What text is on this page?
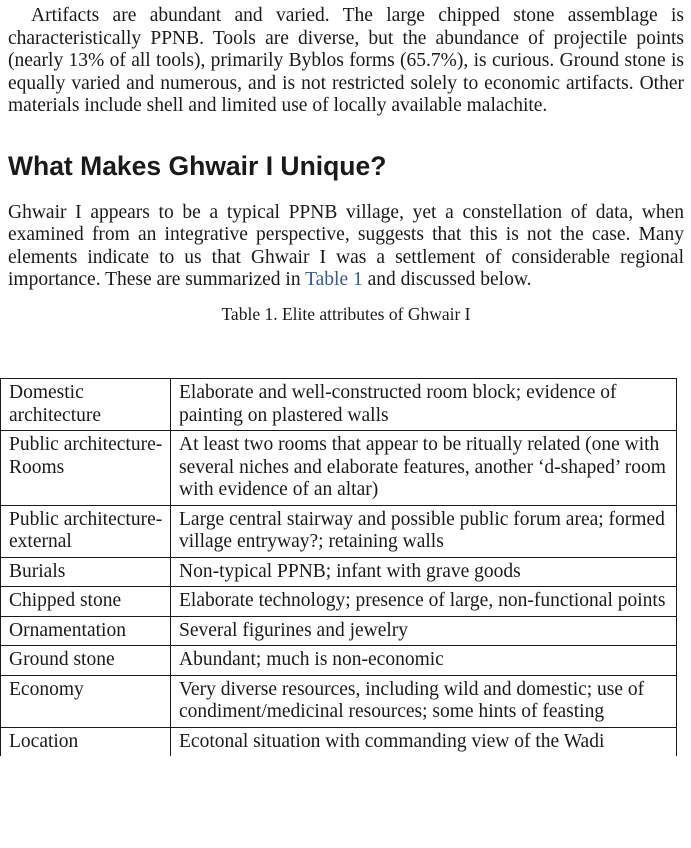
Artifacts are abundant and varied. The large chipped stone assemblage is characteristically PPNB. Tools are diverse, but the abundance of projectile points (nearly 13% of all tools), primarily Byblos forms (65.7%), is curious. Ground stone is equally varied and numerous, and is not restricted solely to economic artifacts. Other materials include shell and limited use of locally available malachite.

What Makes Ghwair I Unique?

Ghwair I appears to be a typical PPNB village, yet a constellation of data, when examined from an integrative perspective, suggests that this is not the case. Many elements indicate to us that Ghwair I was a settlement of considerable regional importance. These are summarized in Table 1 and discussed below.

Table 1. Elite attributes of Ghwair I

Domestic architecture	Elaborate and well-constructed room block; evidence of painting on plastered walls
Public architecture-Rooms	At least two rooms that appear to be ritually related (one with several niches and elaborate features, another ‘d-shaped’ room with evidence of an altar)
Public architecture-external	Large central stairway and possible public forum area; formed village entryway?; retaining walls
Burials	Non-typical PPNB; infant with grave goods
Chipped stone	Elaborate technology; presence of large, non-functional points
Ornamentation	Several figurines and jewelry
Ground stone	Abundant; much is non-economic
Economy	Very diverse resources, including wild and domestic; use of condiment/medicinal resources; some hints of feasting
Location	Ecotonal situation with commanding view of the Wadi
